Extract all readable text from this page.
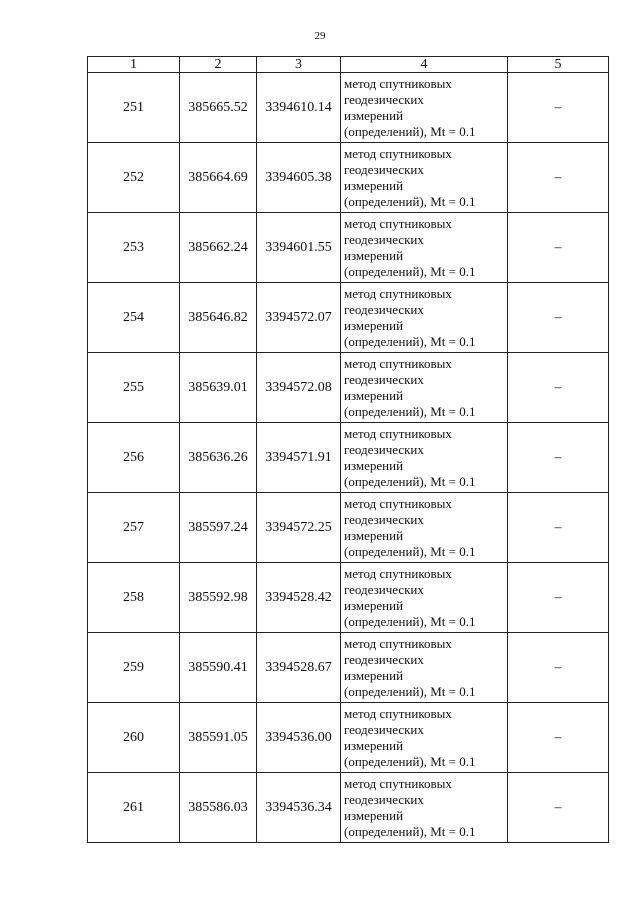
29
1	2	3	4	5
251	385665.52	3394610.14	метод спутниковых
геодезических
измерений
(определений), Mt = 0.1	–
252	385664.69	3394605.38	метод спутниковых
геодезических
измерений
(определений), Mt = 0.1	–
253	385662.24	3394601.55	метод спутниковых
геодезических
измерений
(определений), Mt = 0.1	–
254	385646.82	3394572.07	метод спутниковых
геодезических
измерений
(определений), Mt = 0.1	–
255	385639.01	3394572.08	метод спутниковых
геодезических
измерений
(определений), Mt = 0.1	–
256	385636.26	3394571.91	метод спутниковых
геодезических
измерений
(определений), Mt = 0.1	–
257	385597.24	3394572.25	метод спутниковых
геодезических
измерений
(определений), Mt = 0.1	–
258	385592.98	3394528.42	метод спутниковых
геодезических
измерений
(определений), Mt = 0.1	–
259	385590.41	3394528.67	метод спутниковых
геодезических
измерений
(определений), Mt = 0.1	–
260	385591.05	3394536.00	метод спутниковых
геодезических
измерений
(определений), Mt = 0.1	–
261	385586.03	3394536.34	метод спутниковых
геодезических
измерений
(определений), Mt = 0.1	–
